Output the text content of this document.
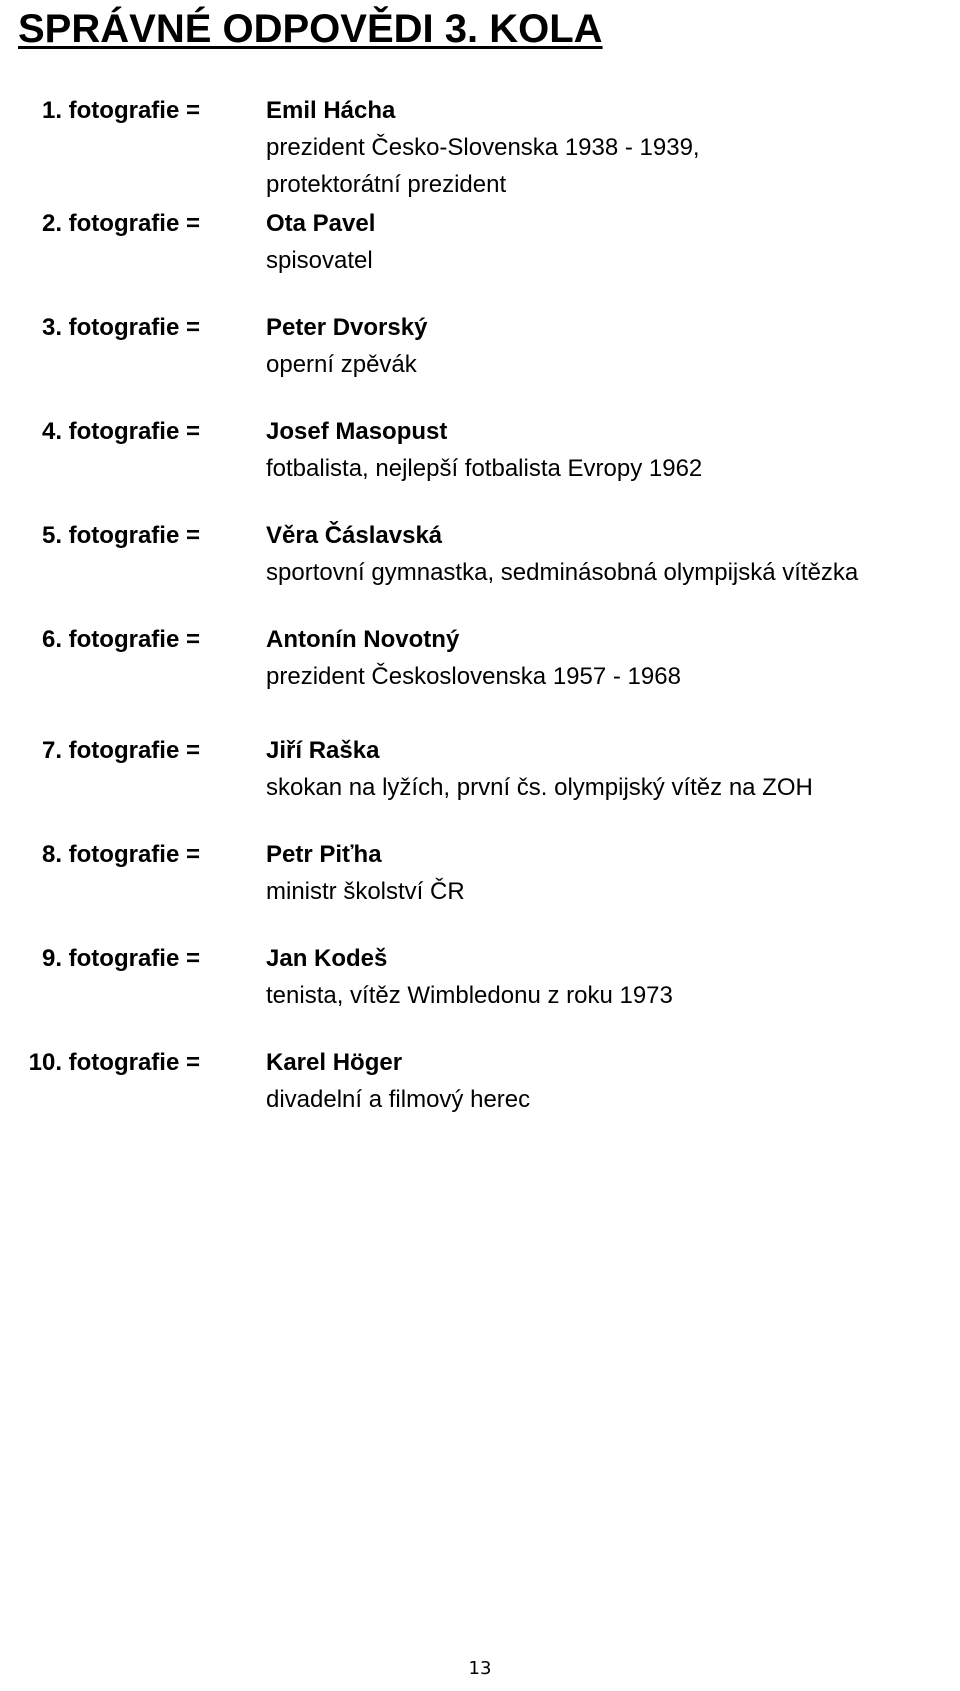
SPRÁVNÉ ODPOVĚDI 3. KOLA
1. fotografie =	Emil Hácha
prezident Česko-Slovenska 1938 - 1939,
protektorátní prezident
2. fotografie =	Ota Pavel
spisovatel
3. fotografie =	Peter Dvorský
operní zpěvák
4. fotografie =	Josef Masopust
fotbalista, nejlepší fotbalista Evropy 1962
5. fotografie =	Věra Čáslavská
sportovní gymnastka, sedminásobná olympijská vítězka
6. fotografie =	Antonín Novotný
prezident Československa 1957 - 1968
7. fotografie =	Jiří Raška
skokan na lyžích, první čs. olympijský vítěz na ZOH
8. fotografie =	Petr Piťha
ministr školství ČR
9. fotografie =	Jan Kodeš
tenista, vítěz Wimbledonu z roku 1973
10. fotografie =	Karel Höger
divadelní a filmový herec
13
